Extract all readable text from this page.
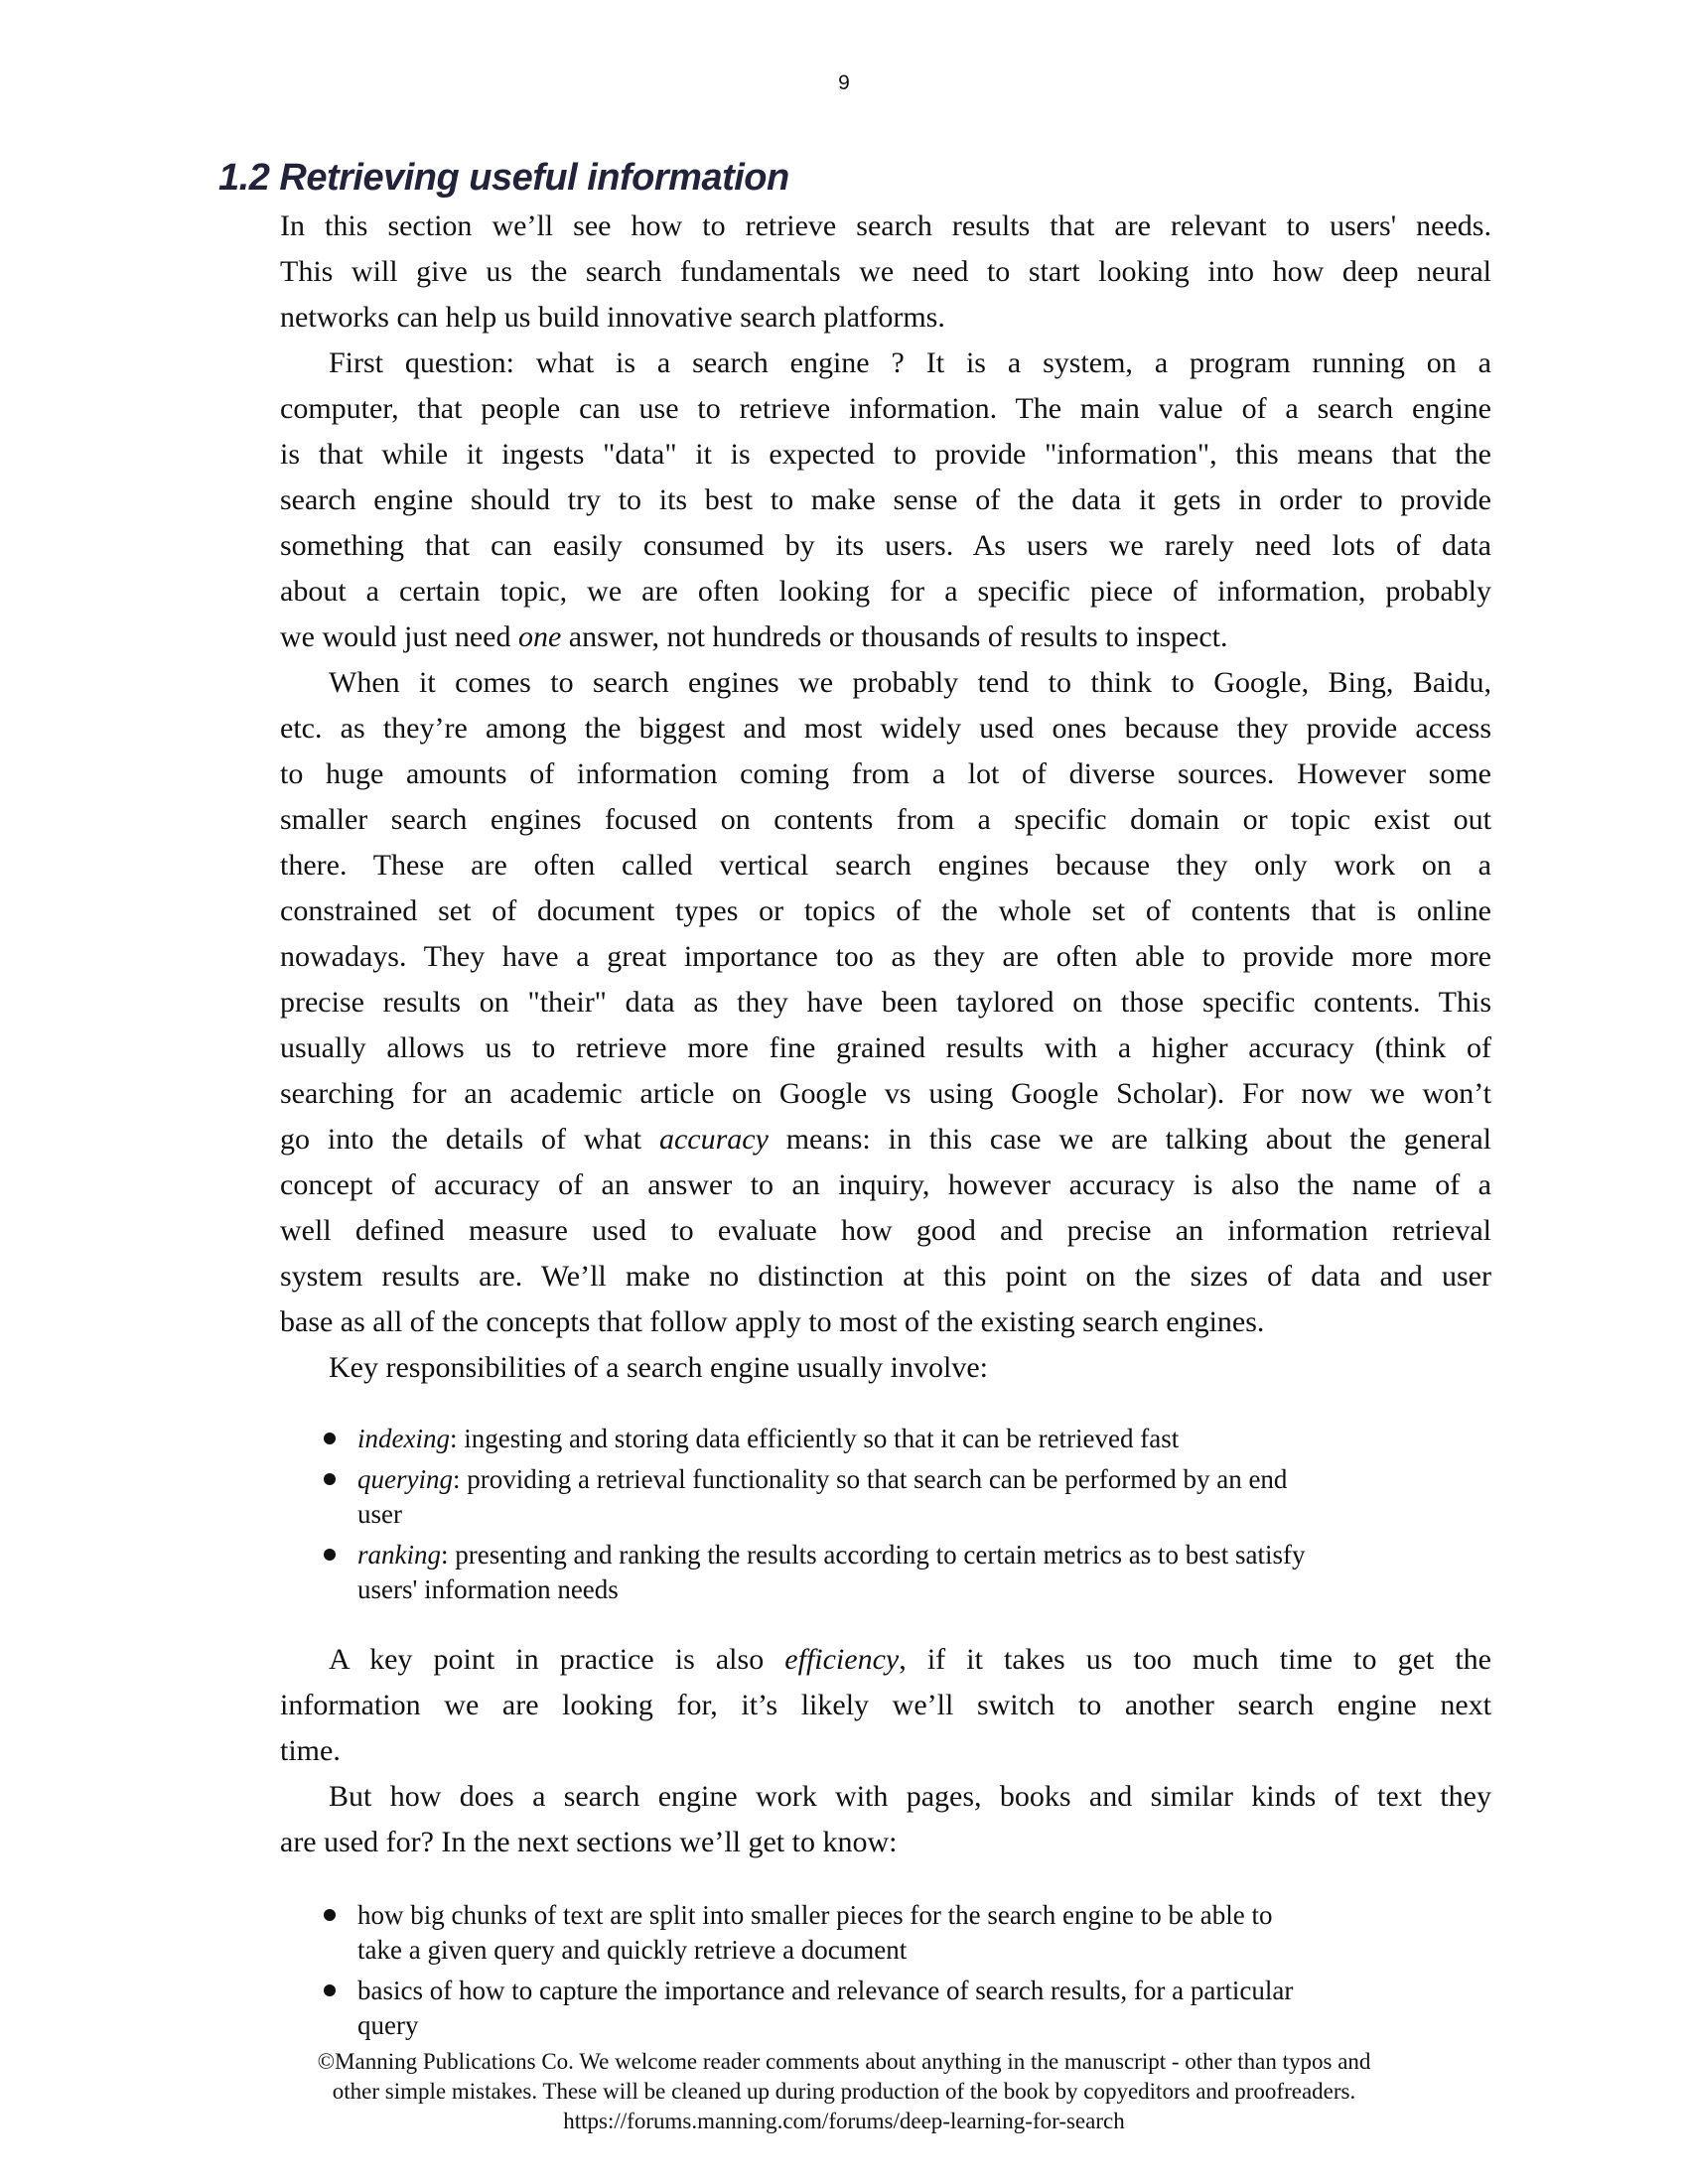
9
1.2 Retrieving useful information
In this section we’ll see how to retrieve search results that are relevant to users' needs.
This will give us the search fundamentals we need to start looking into how deep neural
networks can help us build innovative search platforms.
First question: what is a search engine ? It is a system, a program running on a
computer, that people can use to retrieve information. The main value of a search engine
is that while it ingests "data" it is expected to provide "information", this means that the
search engine should try to its best to make sense of the data it gets in order to provide
something that can easily consumed by its users. As users we rarely need lots of data
about a certain topic, we are often looking for a specific piece of information, probably
we would just need one answer, not hundreds or thousands of results to inspect.
When it comes to search engines we probably tend to think to Google, Bing, Baidu,
etc. as they’re among the biggest and most widely used ones because they provide access
to huge amounts of information coming from a lot of diverse sources. However some
smaller search engines focused on contents from a specific domain or topic exist out
there. These are often called vertical search engines because they only work on a
constrained set of document types or topics of the whole set of contents that is online
nowadays. They have a great importance too as they are often able to provide more more
precise results on "their" data as they have been taylored on those specific contents. This
usually allows us to retrieve more fine grained results with a higher accuracy (think of
searching for an academic article on Google vs using Google Scholar). For now we won’t
go into the details of what accuracy means: in this case we are talking about the general
concept of accuracy of an answer to an inquiry, however accuracy is also the name of a
well defined measure used to evaluate how good and precise an information retrieval
system results are. We’ll make no distinction at this point on the sizes of data and user
base as all of the concepts that follow apply to most of the existing search engines.
Key responsibilities of a search engine usually involve:
indexing: ingesting and storing data efficiently so that it can be retrieved fast
querying: providing a retrieval functionality so that search can be performed by an end
user
ranking: presenting and ranking the results according to certain metrics as to best satisfy
users' information needs
A key point in practice is also efficiency, if it takes us too much time to get the
information we are looking for, it’s likely we’ll switch to another search engine next
time.
But how does a search engine work with pages, books and similar kinds of text they
are used for? In the next sections we’ll get to know:
how big chunks of text are split into smaller pieces for the search engine to be able to
take a given query and quickly retrieve a document
basics of how to capture the importance and relevance of search results, for a particular
query
©Manning Publications Co. We welcome reader comments about anything in the manuscript - other than typos and
other simple mistakes. These will be cleaned up during production of the book by copyeditors and proofreaders.
https://forums.manning.com/forums/deep-learning-for-search
